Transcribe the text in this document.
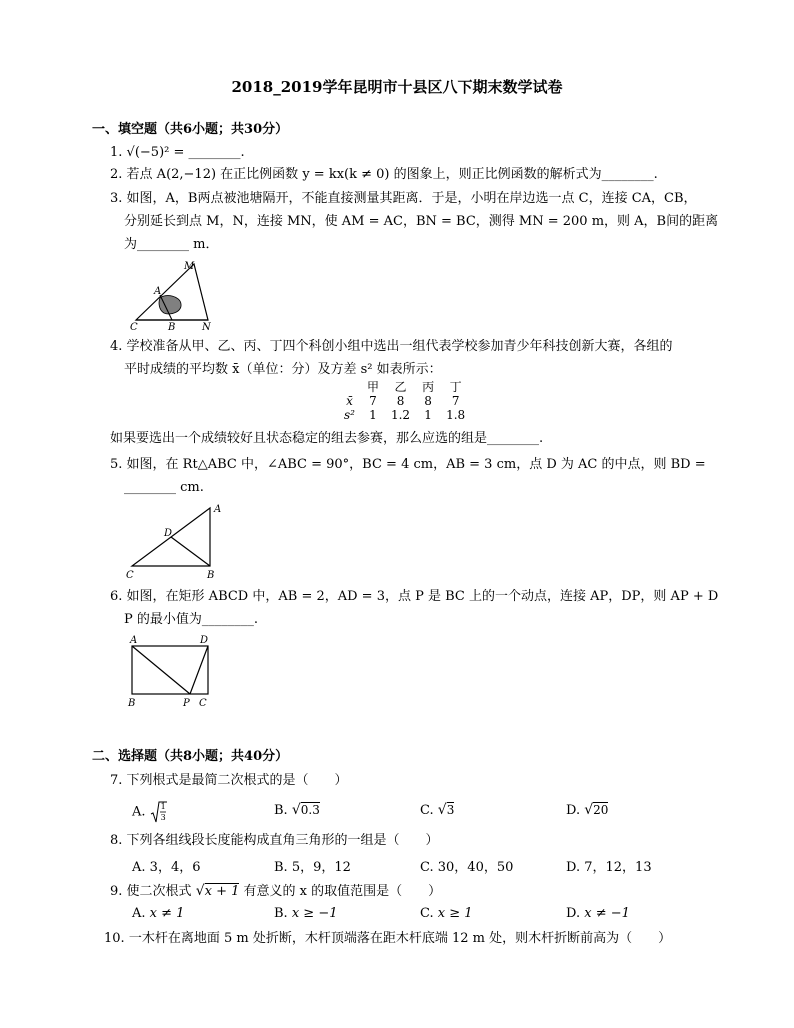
2018_2019学年昆明市十县区八下期末数学试卷
一、填空题（共6小题；共30分）
1. √(−5)² = ________.
2. 若点 A(2,−12) 在正比例函数 y = kx(k ≠ 0) 的图象上，则正比例函数的解析式为________.
3. 如图，A，B两点被池塘隔开，不能直接测量其距离．于是，小明在岸边选一点 C，连接 CA，CB，
分别延长到点 M，N，连接 MN，使 AM = AC，BN = BC，测得 MN = 200 m，则 A，B间的距离
为________ m．
M
A
C	B	N
4. 学校准备从甲、乙、丙、丁四个科创小组中选出一组代表学校参加青少年科技创新大赛，各组的
平时成绩的平均数 x̄（单位：分）及方差 s² 如表所示：
	甲	乙	丙	丁
x̄	7	8	8	7
s²	1	1.2	1	1.8
如果要选出一个成绩较好且状态稳定的组去参赛，那么应选的组是________.
5. 如图，在 Rt△ABC 中，∠ABC = 90°，BC = 4 cm，AB = 3 cm，点 D 为 AC 的中点，则 BD =
________ cm.
A
D
C	B
6. 如图，在矩形 ABCD 中，AB = 2，AD = 3，点 P 是 BC 上的一个动点，连接 AP，DP，则 AP + D
P 的最小值为________.
A	D
B	P C
二、选择题（共8小题；共40分）
7. 下列根式是最简二次根式的是（　　）
A. 1
3	B. √0.3	C. √3	D. √20
8. 下列各组线段长度能构成直角三角形的一组是（　　）
A. 3，4，6	B. 5，9，12	C. 30，40，50	D. 7，12，13
9. 使二次根式 √x + 1 有意义的 x 的取值范围是（　　）
A. x ≠ 1	B. x ≥ −1	C. x ≥ 1	D. x ≠ −1
10. 一木杆在离地面 5 m 处折断，木杆顶端落在距木杆底端 12 m 处，则木杆折断前高为（　　）
